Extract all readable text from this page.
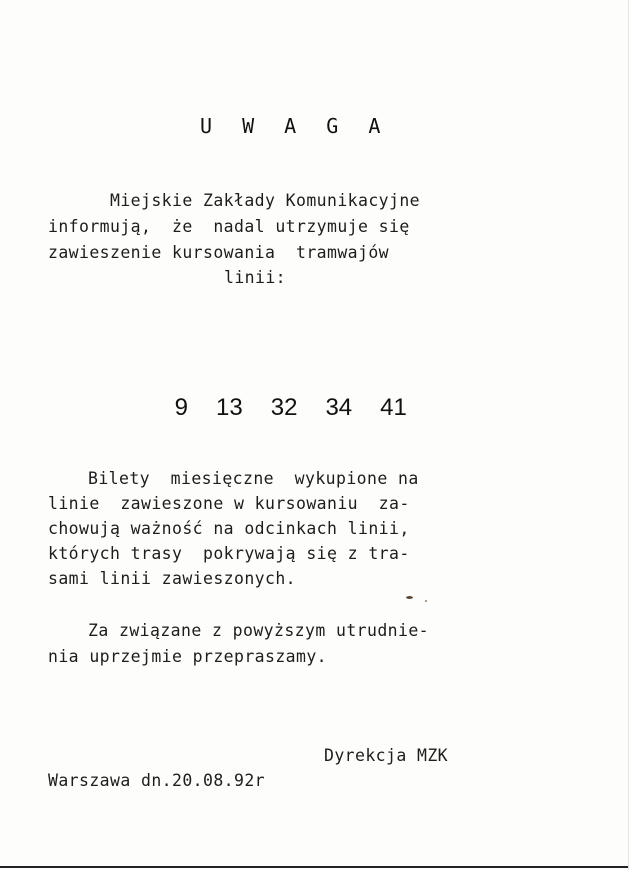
U W A G A
Miejskie Zakłady Komunikacyjne
informują,  że  nadal utrzymuje się
zawieszenie kursowania  tramwajów
linii:

9 13 32 34 41

Bilety  miesięczne  wykupione na
linie  zawieszone w kursowaniu  za-
chowują ważność na odcinkach linii,
których trasy  pokrywają się z tra-
sami linii zawieszonych.
Za związane z powyższym utrudnie-
nia uprzejmie przepraszamy.
Dyrekcja MZK
Warszawa dn.20.08.92r
